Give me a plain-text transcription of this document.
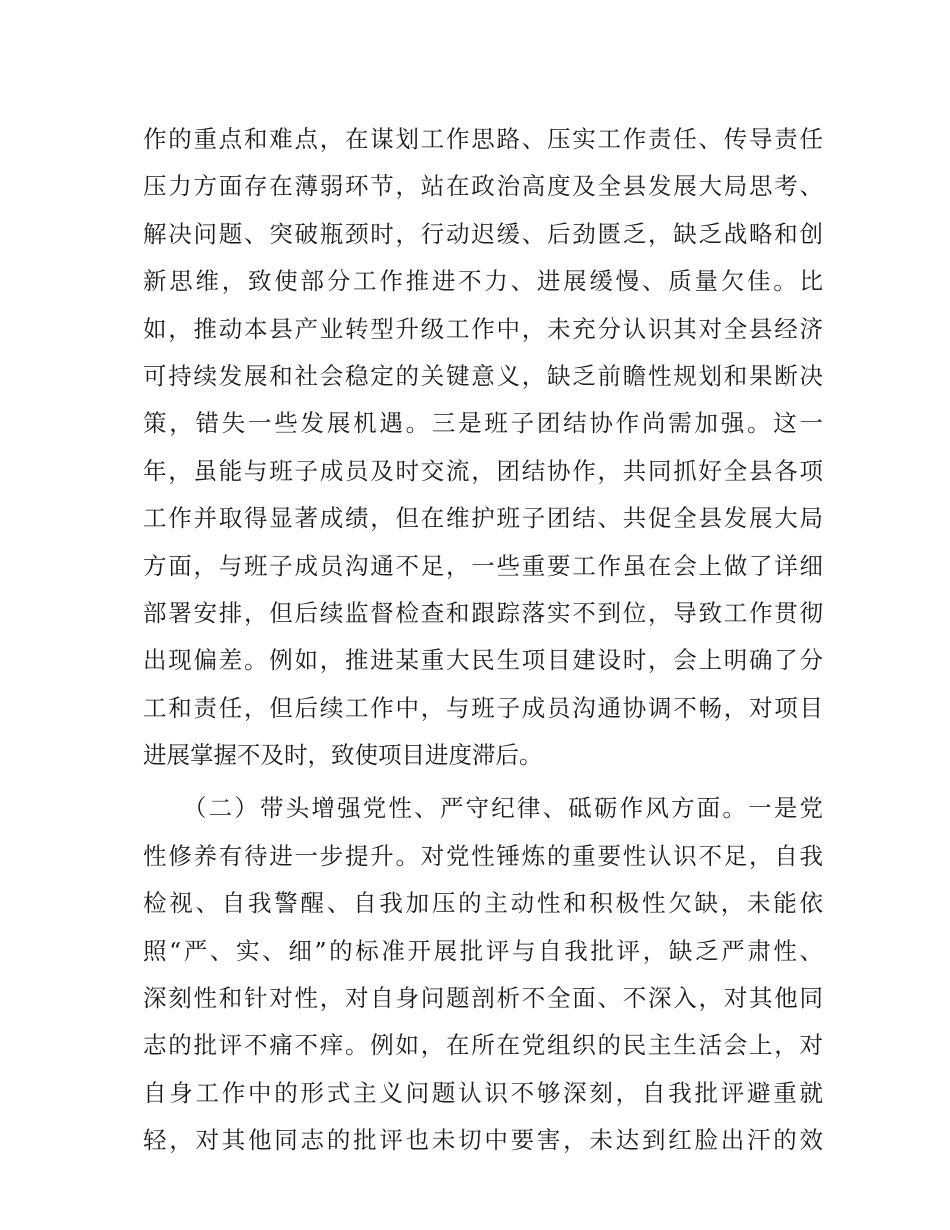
作的重点和难点，在谋划工作思路、压实工作责任、传导责任
压力方面存在薄弱环节，站在政治高度及全县发展大局思考、
解决问题、突破瓶颈时，行动迟缓、后劲匮乏，缺乏战略和创
新思维，致使部分工作推进不力、进展缓慢、质量欠佳。比
如，推动本县产业转型升级工作中，未充分认识其对全县经济
可持续发展和社会稳定的关键意义，缺乏前瞻性规划和果断决
策，错失一些发展机遇。三是班子团结协作尚需加强。这一
年，虽能与班子成员及时交流，团结协作，共同抓好全县各项
工作并取得显著成绩，但在维护班子团结、共促全县发展大局
方面，与班子成员沟通不足，一些重要工作虽在会上做了详细
部署安排，但后续监督检查和跟踪落实不到位，导致工作贯彻
出现偏差。例如，推进某重大民生项目建设时，会上明确了分
工和责任，但后续工作中，与班子成员沟通协调不畅，对项目
进展掌握不及时，致使项目进度滞后。
（二）带头增强党性、严守纪律、砥砺作风方面。一是党
性修养有待进一步提升。对党性锤炼的重要性认识不足，自我
检视、自我警醒、自我加压的主动性和积极性欠缺，未能依
照“严、实、细”的标准开展批评与自我批评，缺乏严肃性、
深刻性和针对性，对自身问题剖析不全面、不深入，对其他同
志的批评不痛不痒。例如，在所在党组织的民主生活会上，对
自身工作中的形式主义问题认识不够深刻，自我批评避重就
轻，对其他同志的批评也未切中要害，未达到红脸出汗的效
